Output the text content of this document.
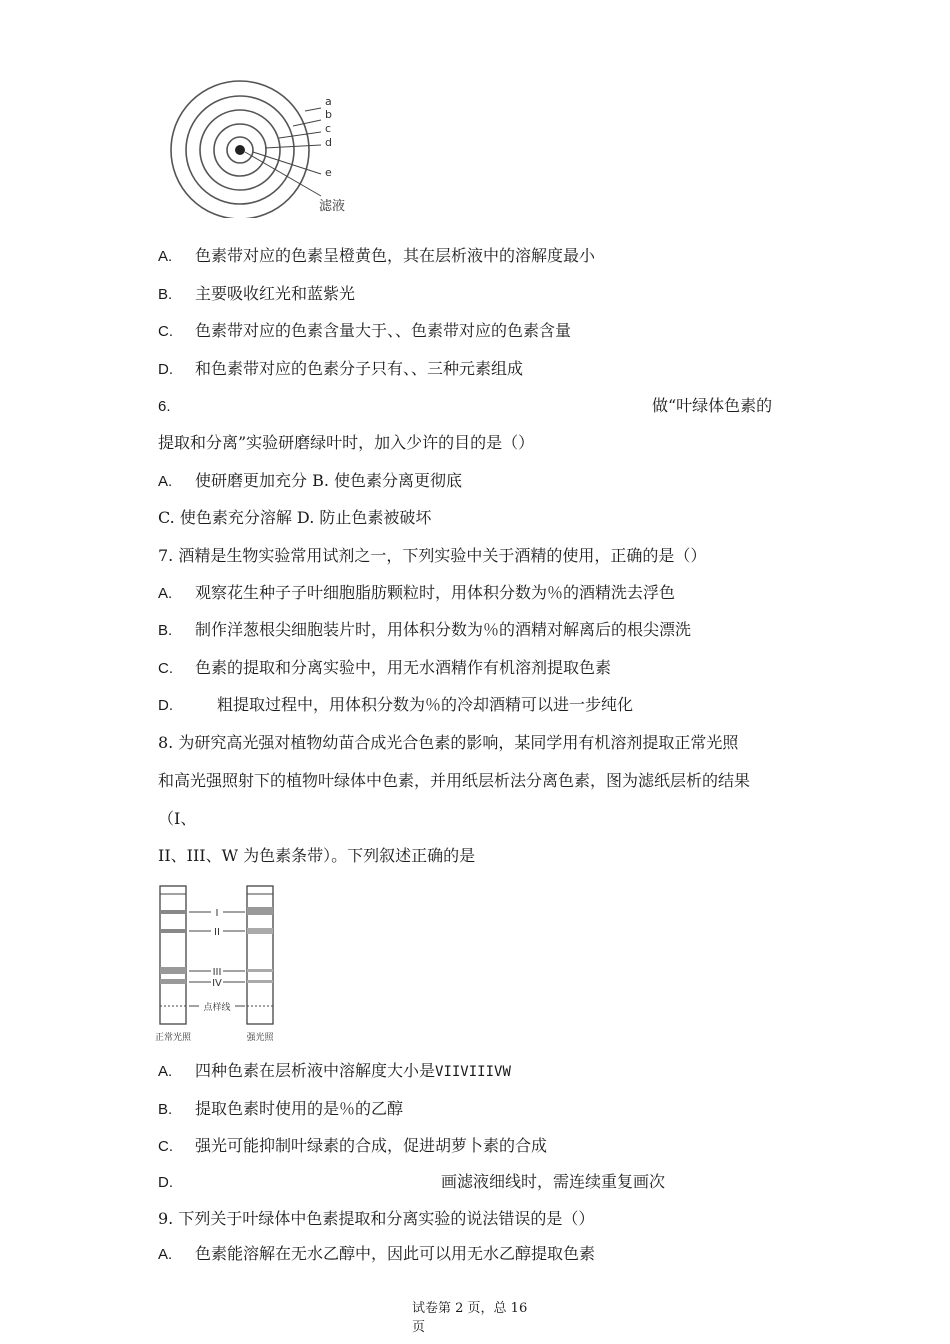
a
b
c
d
e
滤液
A. 色素带对应的色素呈橙黄色，其在层析液中的溶解度最小
B. 主要吸收红光和蓝紫光
C. 色素带对应的色素含量大于、、色素带对应的色素含量
D. 和色素带对应的色素分子只有、、三种元素组成
6.	做“叶绿体色素的
提取和分离”实验研磨绿叶时，加入少许的目的是（）
A. 使研磨更加充分 B. 使色素分离更彻底
C. 使色素充分溶解 D. 防止色素被破坏
7. 酒精是生物实验常用试剂之一，下列实验中关于酒精的使用，正确的是（）
A. 观察花生种子子叶细胞脂肪颗粒时，用体积分数为％的酒精洗去浮色
B. 制作洋葱根尖细胞装片时，用体积分数为％的酒精对解离后的根尖漂洗
C. 色素的提取和分离实验中，用无水酒精作有机溶剂提取色素
D.	粗提取过程中，用体积分数为％的冷却酒精可以进一步纯化
8. 为研究高光强对植物幼苗合成光合色素的影响，某同学用有机溶剂提取正常光照
和高光强照射下的植物叶绿体中色素，并用纸层析法分离色素，图为滤纸层析的结果
（I、
II、III、W 为色素条带）。下列叙述正确的是
I
II
III
IV
点样线
正常光照	强光照
A. 四种色素在层析液中溶解度大小是VIIVIIIVW
B. 提取色素时使用的是％的乙醇
C. 强光可能抑制叶绿素的合成，促进胡萝卜素的合成
D.	画滤液细线时，需连续重复画次
9. 下列关于叶绿体中色素提取和分离实验的说法错误的是（）
A. 色素能溶解在无水乙醇中，因此可以用无水乙醇提取色素
试卷第 2 页，总 16
页
